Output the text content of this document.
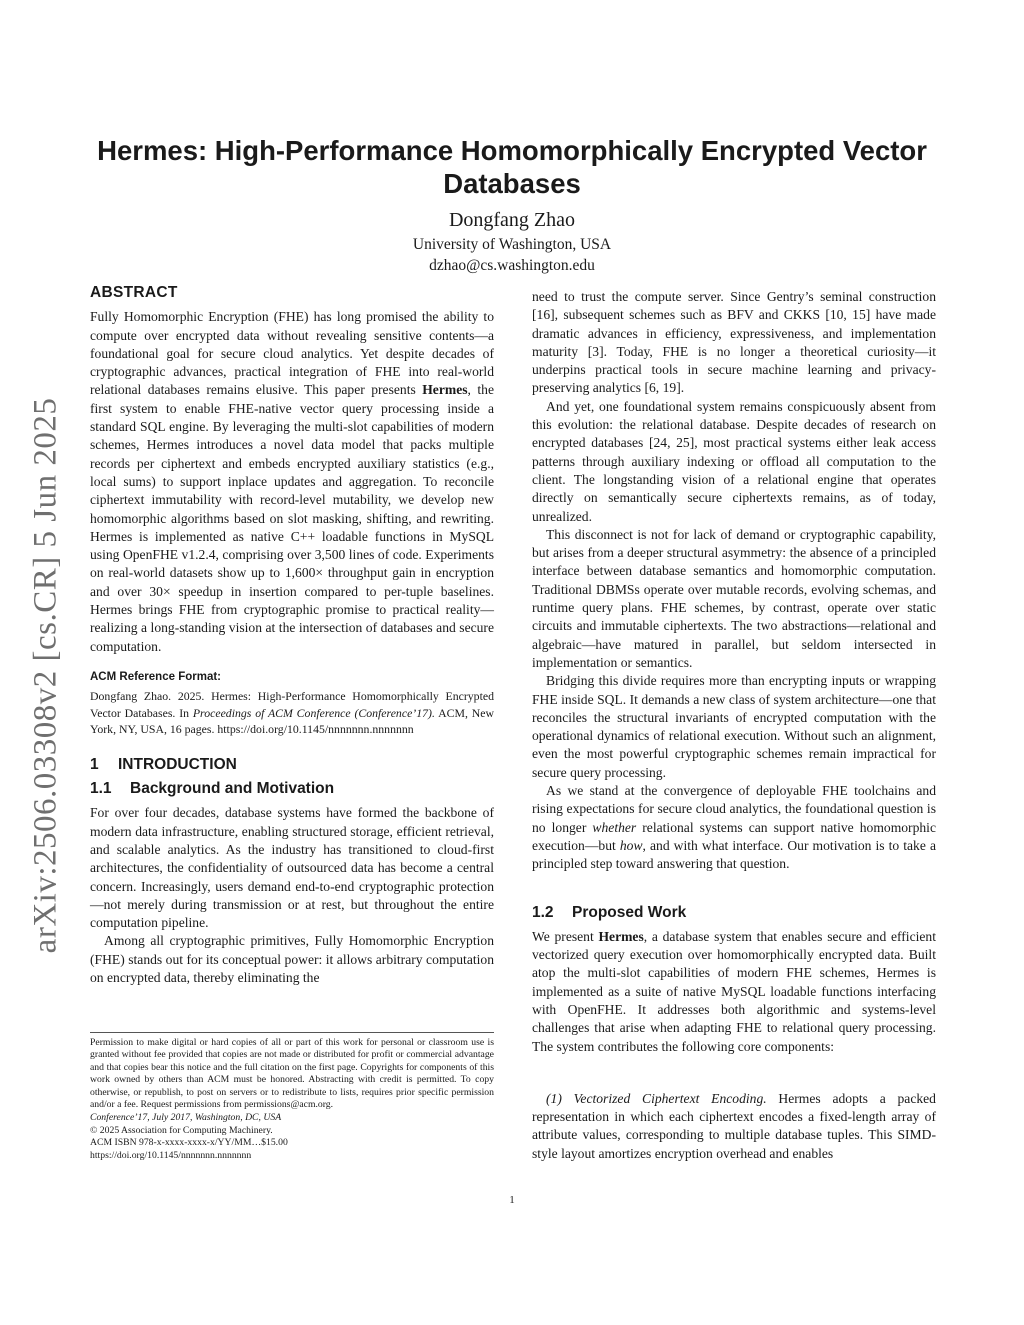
arXiv:2506.03308v2 [cs.CR] 5 Jun 2025
Hermes: High-Performance Homomorphically Encrypted Vector Databases
Dongfang Zhao
University of Washington, USA
dzhao@cs.washington.edu
ABSTRACT

Fully Homomorphic Encryption (FHE) has long promised the ability to compute over encrypted data without revealing sensitive contents—a foundational goal for secure cloud analytics. Yet despite decades of cryptographic advances, practical integration of FHE into real-world relational databases remains elusive. This paper presents Hermes, the first system to enable FHE-native vector query processing inside a standard SQL engine. By leveraging the multi-slot capabilities of modern schemes, Hermes introduces a novel data model that packs multiple records per ciphertext and embeds encrypted auxiliary statistics (e.g., local sums) to support inplace updates and aggregation. To reconcile ciphertext immutability with record-level mutability, we develop new homomorphic algorithms based on slot masking, shifting, and rewriting. Hermes is implemented as native C++ loadable functions in MySQL using OpenFHE v1.2.4, comprising over 3,500 lines of code. Experiments on real-world datasets show up to 1,600× throughput gain in encryption and over 30× speedup in insertion compared to per-tuple baselines. Hermes brings FHE from cryptographic promise to practical reality—realizing a long-standing vision at the intersection of databases and secure computation.

ACM Reference Format:

Dongfang Zhao. 2025. Hermes: High-Performance Homomorphically Encrypted Vector Databases. In Proceedings of ACM Conference (Conference’17). ACM, New York, NY, USA, 16 pages. https://doi.org/10.1145/nnnnnnn.nnnnnnn

1 INTRODUCTION
1.1 Background and Motivation

For over four decades, database systems have formed the backbone of modern data infrastructure, enabling structured storage, efficient retrieval, and scalable analytics. As the industry has transitioned to cloud-first architectures, the confidentiality of outsourced data has become a central concern. Increasingly, users demand end-to-end cryptographic protection—not merely during transmission or at rest, but throughout the entire computation pipeline.

Among all cryptographic primitives, Fully Homomorphic Encryption (FHE) stands out for its conceptual power: it allows arbitrary computation on encrypted data, thereby eliminating the

Permission to make digital or hard copies of all or part of this work for personal or classroom use is granted without fee provided that copies are not made or distributed for profit or commercial advantage and that copies bear this notice and the full citation on the first page. Copyrights for components of this work owned by others than ACM must be honored. Abstracting with credit is permitted. To copy otherwise, or republish, to post on servers or to redistribute to lists, requires prior specific permission and/or a fee. Request permissions from permissions@acm.org.

Conference’17, July 2017, Washington, DC, USA
© 2025 Association for Computing Machinery.
ACM ISBN 978-x-xxxx-xxxx-x/YY/MM…$15.00
https://doi.org/10.1145/nnnnnnn.nnnnnnn

need to trust the compute server. Since Gentry’s seminal construction [16], subsequent schemes such as BFV and CKKS [10, 15] have made dramatic advances in efficiency, expressiveness, and implementation maturity [3]. Today, FHE is no longer a theoretical curiosity—it underpins practical tools in secure machine learning and privacy-preserving analytics [6, 19].

And yet, one foundational system remains conspicuously absent from this evolution: the relational database. Despite decades of research on encrypted databases [24, 25], most practical systems either leak access patterns through auxiliary indexing or offload all computation to the client. The longstanding vision of a relational engine that operates directly on semantically secure ciphertexts remains, as of today, unrealized.

This disconnect is not for lack of demand or cryptographic capability, but arises from a deeper structural asymmetry: the absence of a principled interface between database semantics and homomorphic computation. Traditional DBMSs operate over mutable records, evolving schemas, and runtime query plans. FHE schemes, by contrast, operate over static circuits and immutable ciphertexts. The two abstractions—relational and algebraic—have matured in parallel, but seldom intersected in implementation or semantics.

Bridging this divide requires more than encrypting inputs or wrapping FHE inside SQL. It demands a new class of system architecture—one that reconciles the structural invariants of encrypted computation with the operational dynamics of relational execution. Without such an alignment, even the most powerful cryptographic schemes remain impractical for secure query processing.

As we stand at the convergence of deployable FHE toolchains and rising expectations for secure cloud analytics, the foundational question is no longer whether relational systems can support native homomorphic execution—but how, and with what interface. Our motivation is to take a principled step toward answering that question.

1.2 Proposed Work

We present Hermes, a database system that enables secure and efficient vectorized query execution over homomorphically encrypted data. Built atop the multi-slot capabilities of modern FHE schemes, Hermes is implemented as a suite of native MySQL loadable functions interfacing with OpenFHE. It addresses both algorithmic and systems-level challenges that arise when adapting FHE to relational query processing. The system contributes the following core components:

(1) Vectorized Ciphertext Encoding. Hermes adopts a packed representation in which each ciphertext encodes a fixed-length array of attribute values, corresponding to multiple database tuples. This SIMD-style layout amortizes encryption overhead and enables

1
